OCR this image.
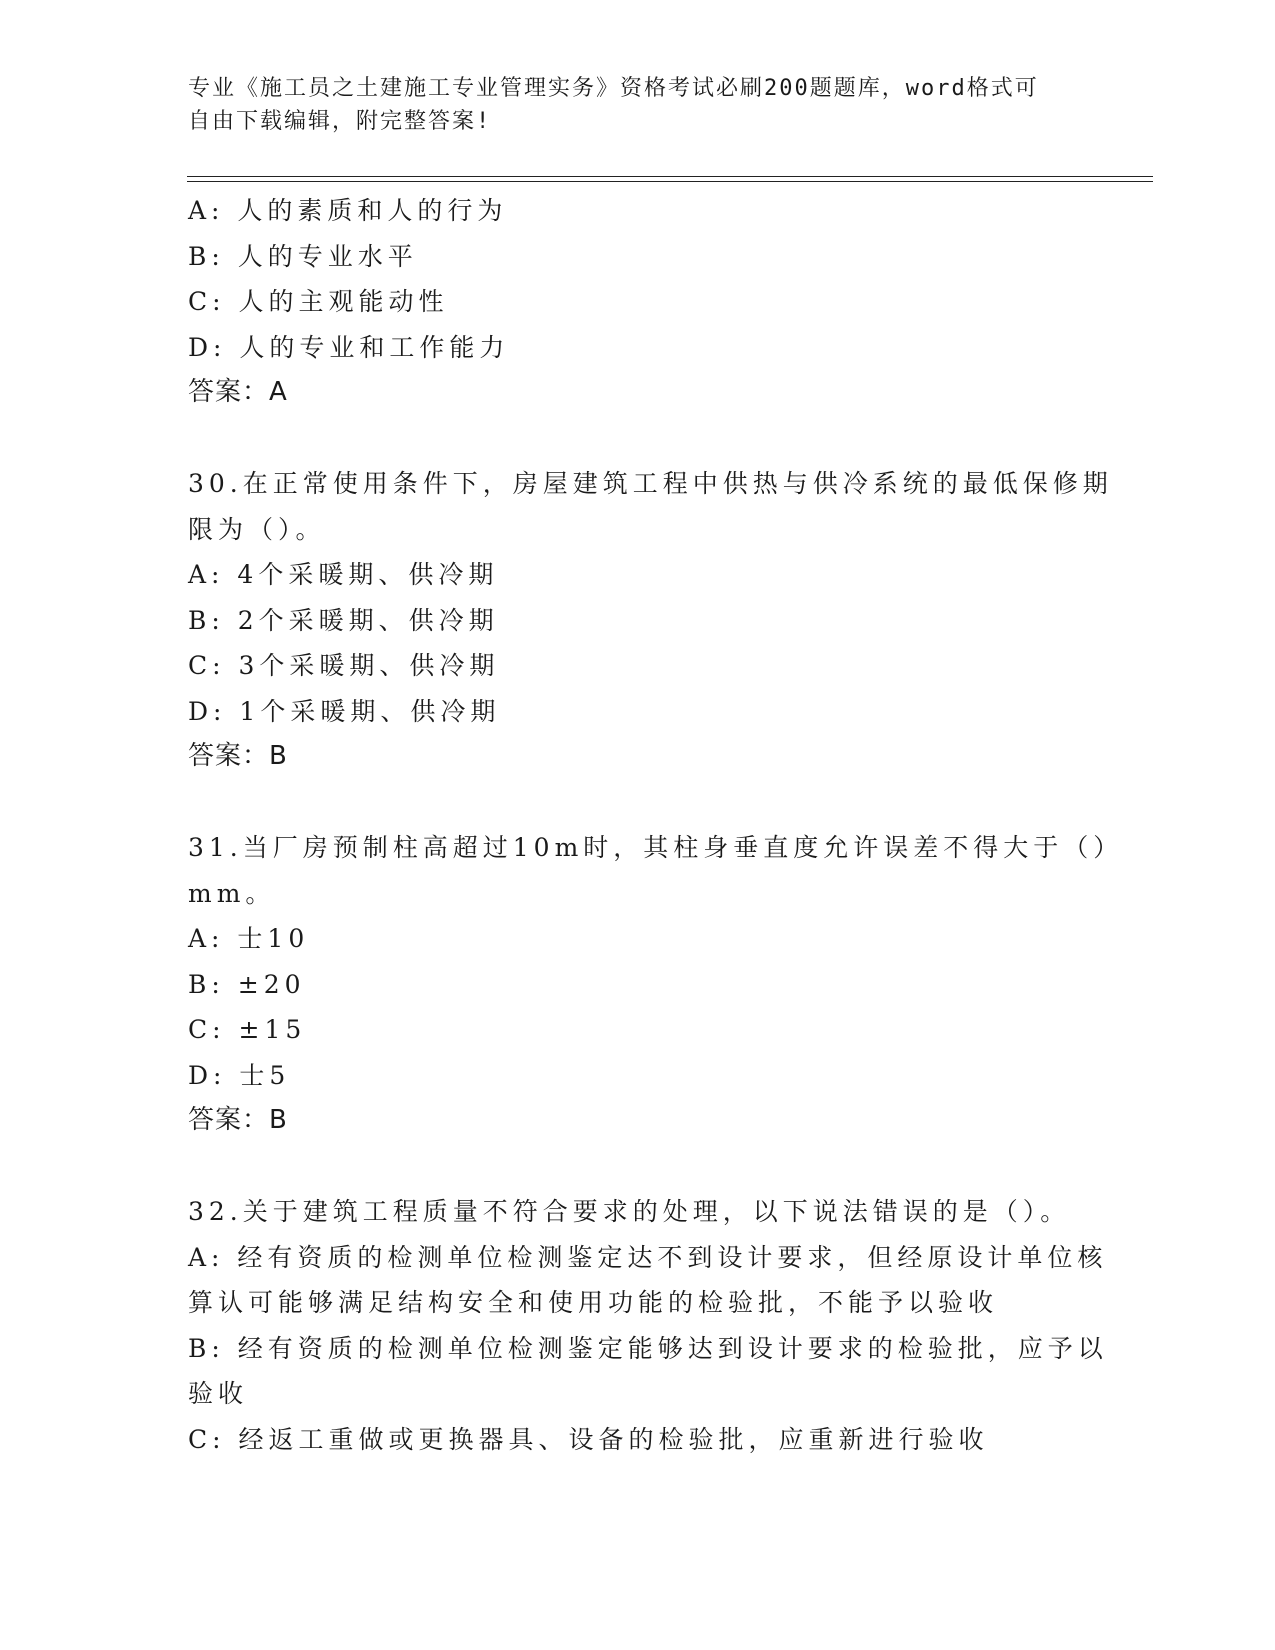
专业《施工员之土建施工专业管理实务》资格考试必刷200题题库，word格式可
自由下载编辑，附完整答案!
A: 人的素质和人的行为
B: 人的专业水平
C: 人的主观能动性
D: 人的专业和工作能力
答案：A
30.在正常使用条件下，房屋建筑工程中供热与供冷系统的最低保修期
限为（）。
A: 4个采暖期、供冷期
B: 2个采暖期、供冷期
C: 3个采暖期、供冷期
D: 1个采暖期、供冷期
答案：B
31.当厂房预制柱高超过10m时，其柱身垂直度允许误差不得大于（）
mm。
A: 士10
B: ±20
C: ±15
D: 士5
答案：B
32.关于建筑工程质量不符合要求的处理，以下说法错误的是（）。
A: 经有资质的检测单位检测鉴定达不到设计要求，但经原设计单位核
算认可能够满足结构安全和使用功能的检验批，不能予以验收
B: 经有资质的检测单位检测鉴定能够达到设计要求的检验批，应予以
验收
C: 经返工重做或更换器具、设备的检验批，应重新进行验收
